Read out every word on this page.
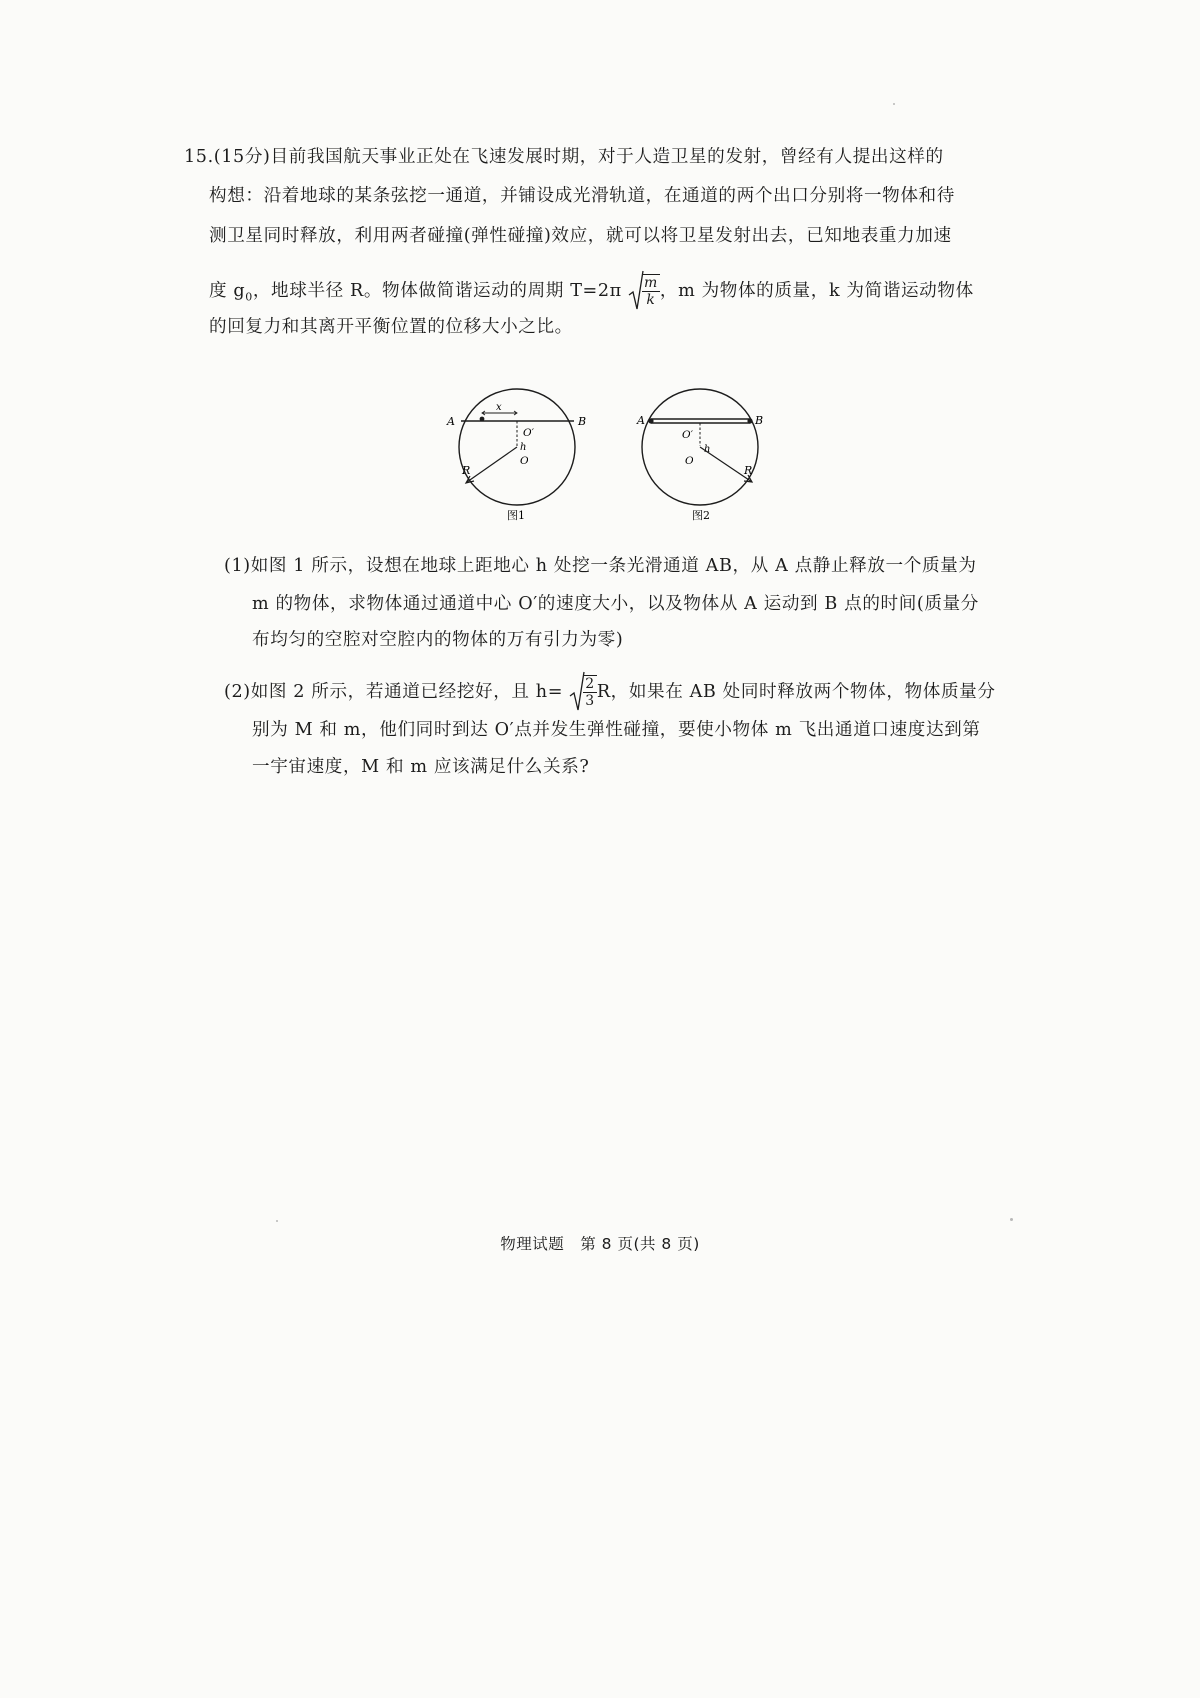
15.(15分)目前我国航天事业正处在飞速发展时期，对于人造卫星的发射，曾经有人提出这样的
构想：沿着地球的某条弦挖一通道，并铺设成光滑轨道，在通道的两个出口分别将一物体和待
测卫星同时释放，利用两者碰撞(弹性碰撞)效应，就可以将卫星发射出去，已知地表重力加速
度 $g_0$，地球半径 R。物体做简谐运动的周期 $T=2\pi \frac{m}{k}$ ，m 为物体的质量，k 为简谐运动物体
的回复力和其离开平衡位置的位移大小之比。
x
A	B
O′
h
O
R
图1
A	B
O′
h
O
R
图2
(1)如图 1 所示，设想在地球上距地心 h 处挖一条光滑通道 AB，从 A 点静止释放一个质量为
m 的物体，求物体通过通道中心 O′的速度大小，以及物体从 A 运动到 B 点的时间(质量分
布均匀的空腔对空腔内的物体的万有引力为零)
(2)如图 2 所示，若通道已经挖好，且 $h= \frac{2}{3}$ R，如果在 AB 处同时释放两个物体，物体质量分
别为 M 和 m，他们同时到达 O′点并发生弹性碰撞，要使小物体 m 飞出通道口速度达到第
一宇宙速度，M 和 m 应该满足什么关系?
物理试题　第 8 页(共 8 页)
